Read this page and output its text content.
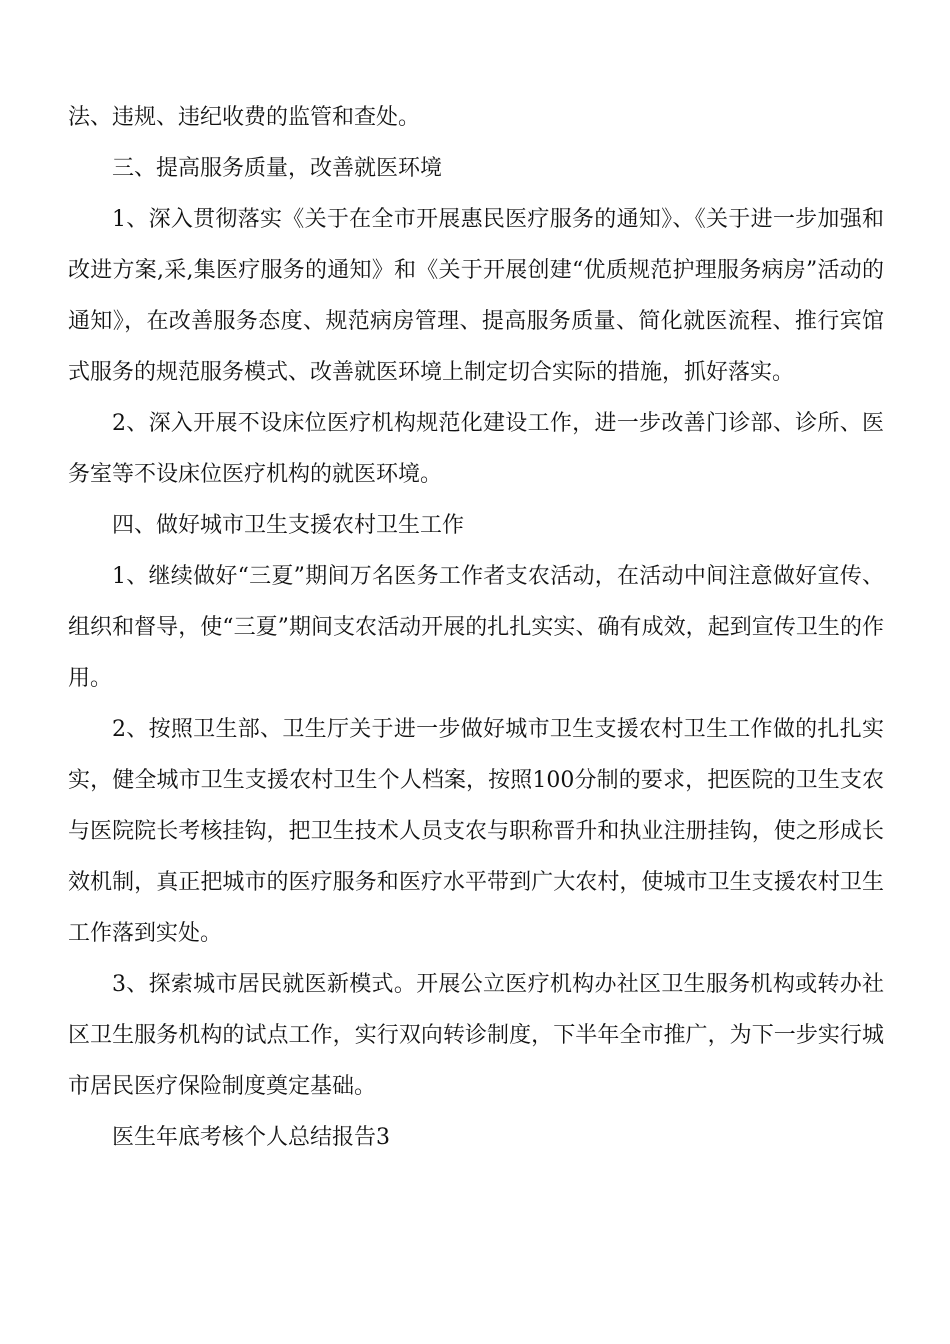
法、违规、违纪收费的监管和查处。

三、提高服务质量，改善就医环境

1、深入贯彻落实《关于在全市开展惠民医疗服务的通知》、《关于进一步加强和改进方案,采,集医疗服务的通知》和《关于开展创建“优质规范护理服务病房”活动的通知》，在改善服务态度、规范病房管理、提高服务质量、简化就医流程、推行宾馆式服务的规范服务模式、改善就医环境上制定切合实际的措施，抓好落实。

2、深入开展不设床位医疗机构规范化建设工作，进一步改善门诊部、诊所、医务室等不设床位医疗机构的就医环境。

四、做好城市卫生支援农村卫生工作

1、继续做好“三夏”期间万名医务工作者支农活动，在活动中间注意做好宣传、组织和督导，使“三夏”期间支农活动开展的扎扎实实、确有成效，起到宣传卫生的作用。

2、按照卫生部、卫生厅关于进一步做好城市卫生支援农村卫生工作做的扎扎实实，健全城市卫生支援农村卫生个人档案，按照100分制的要求，把医院的卫生支农与医院院长考核挂钩，把卫生技术人员支农与职称晋升和执业注册挂钩，使之形成长效机制，真正把城市的医疗服务和医疗水平带到广大农村，使城市卫生支援农村卫生工作落到实处。

3、探索城市居民就医新模式。开展公立医疗机构办社区卫生服务机构或转办社区卫生服务机构的试点工作，实行双向转诊制度，下半年全市推广，为下一步实行城市居民医疗保险制度奠定基础。

医生年底考核个人总结报告3
